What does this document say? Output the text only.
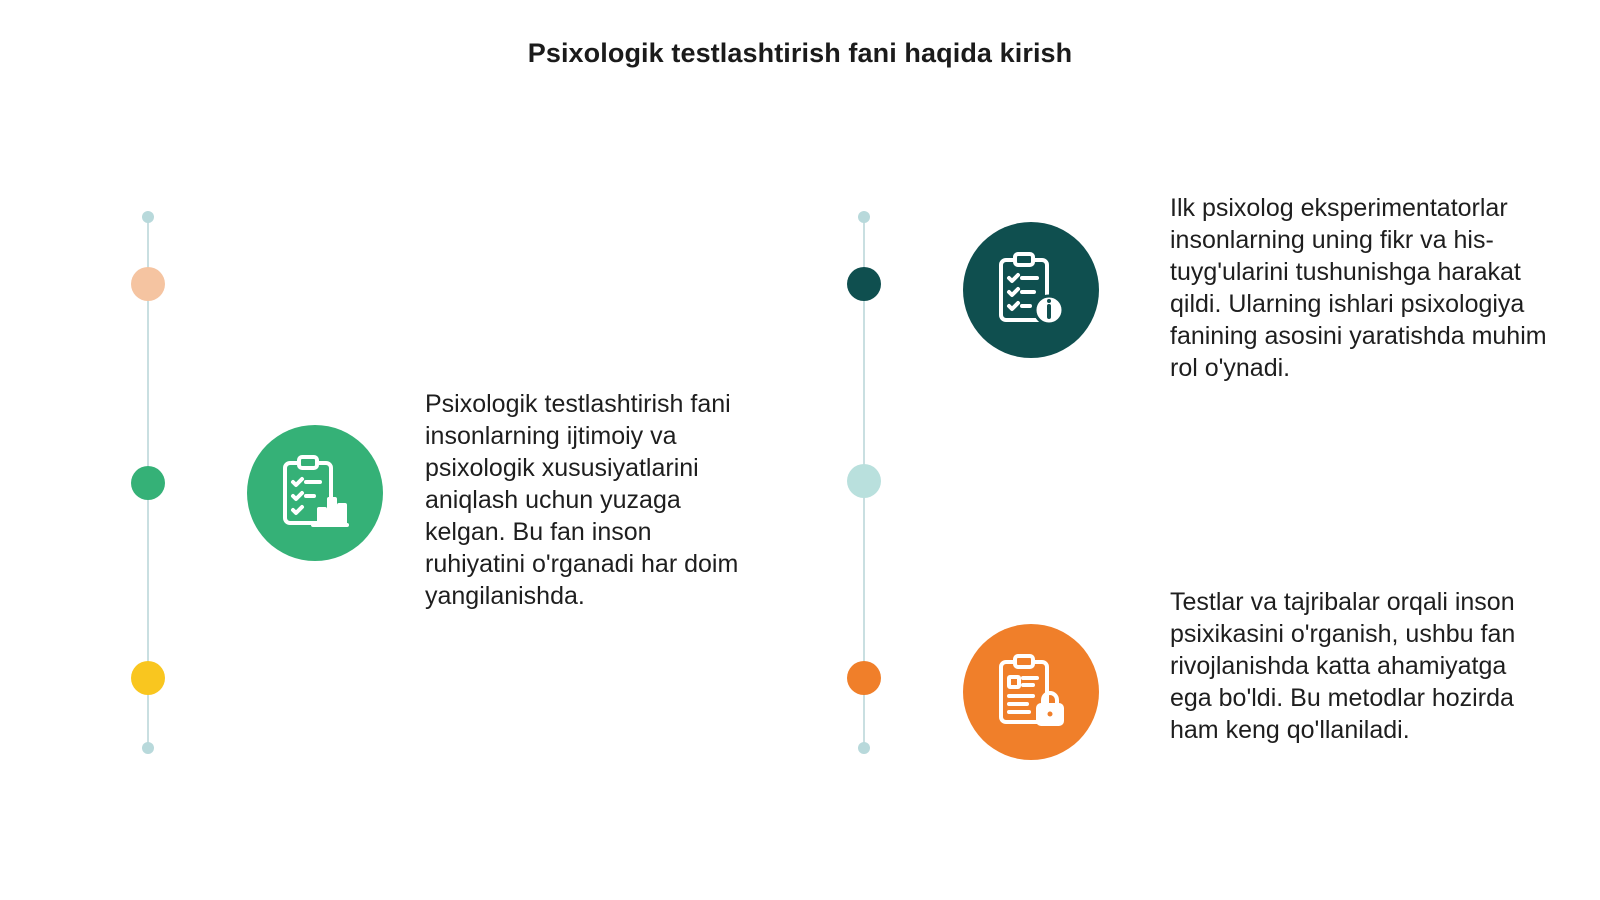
Psixologik testlashtirish fani haqida kirish
Psixologik testlashtirish fani insonlarning ijtimoiy va psixologik xususiyatlarini aniqlash uchun yuzaga kelgan. Bu fan inson ruhiyatini o'rganadi har doim yangilanishda.
Ilk psixolog eksperimentatorlar insonlarning uning fikr va his-tuyg'ularini tushunishga harakat qildi. Ularning ishlari psixologiya fanining asosini yaratishda muhim rol o'ynadi.
Testlar va tajribalar orqali inson psixikasini o'rganish, ushbu fan rivojlanishda katta ahamiyatga ega bo'ldi. Bu metodlar hozirda ham keng qo'llaniladi.
